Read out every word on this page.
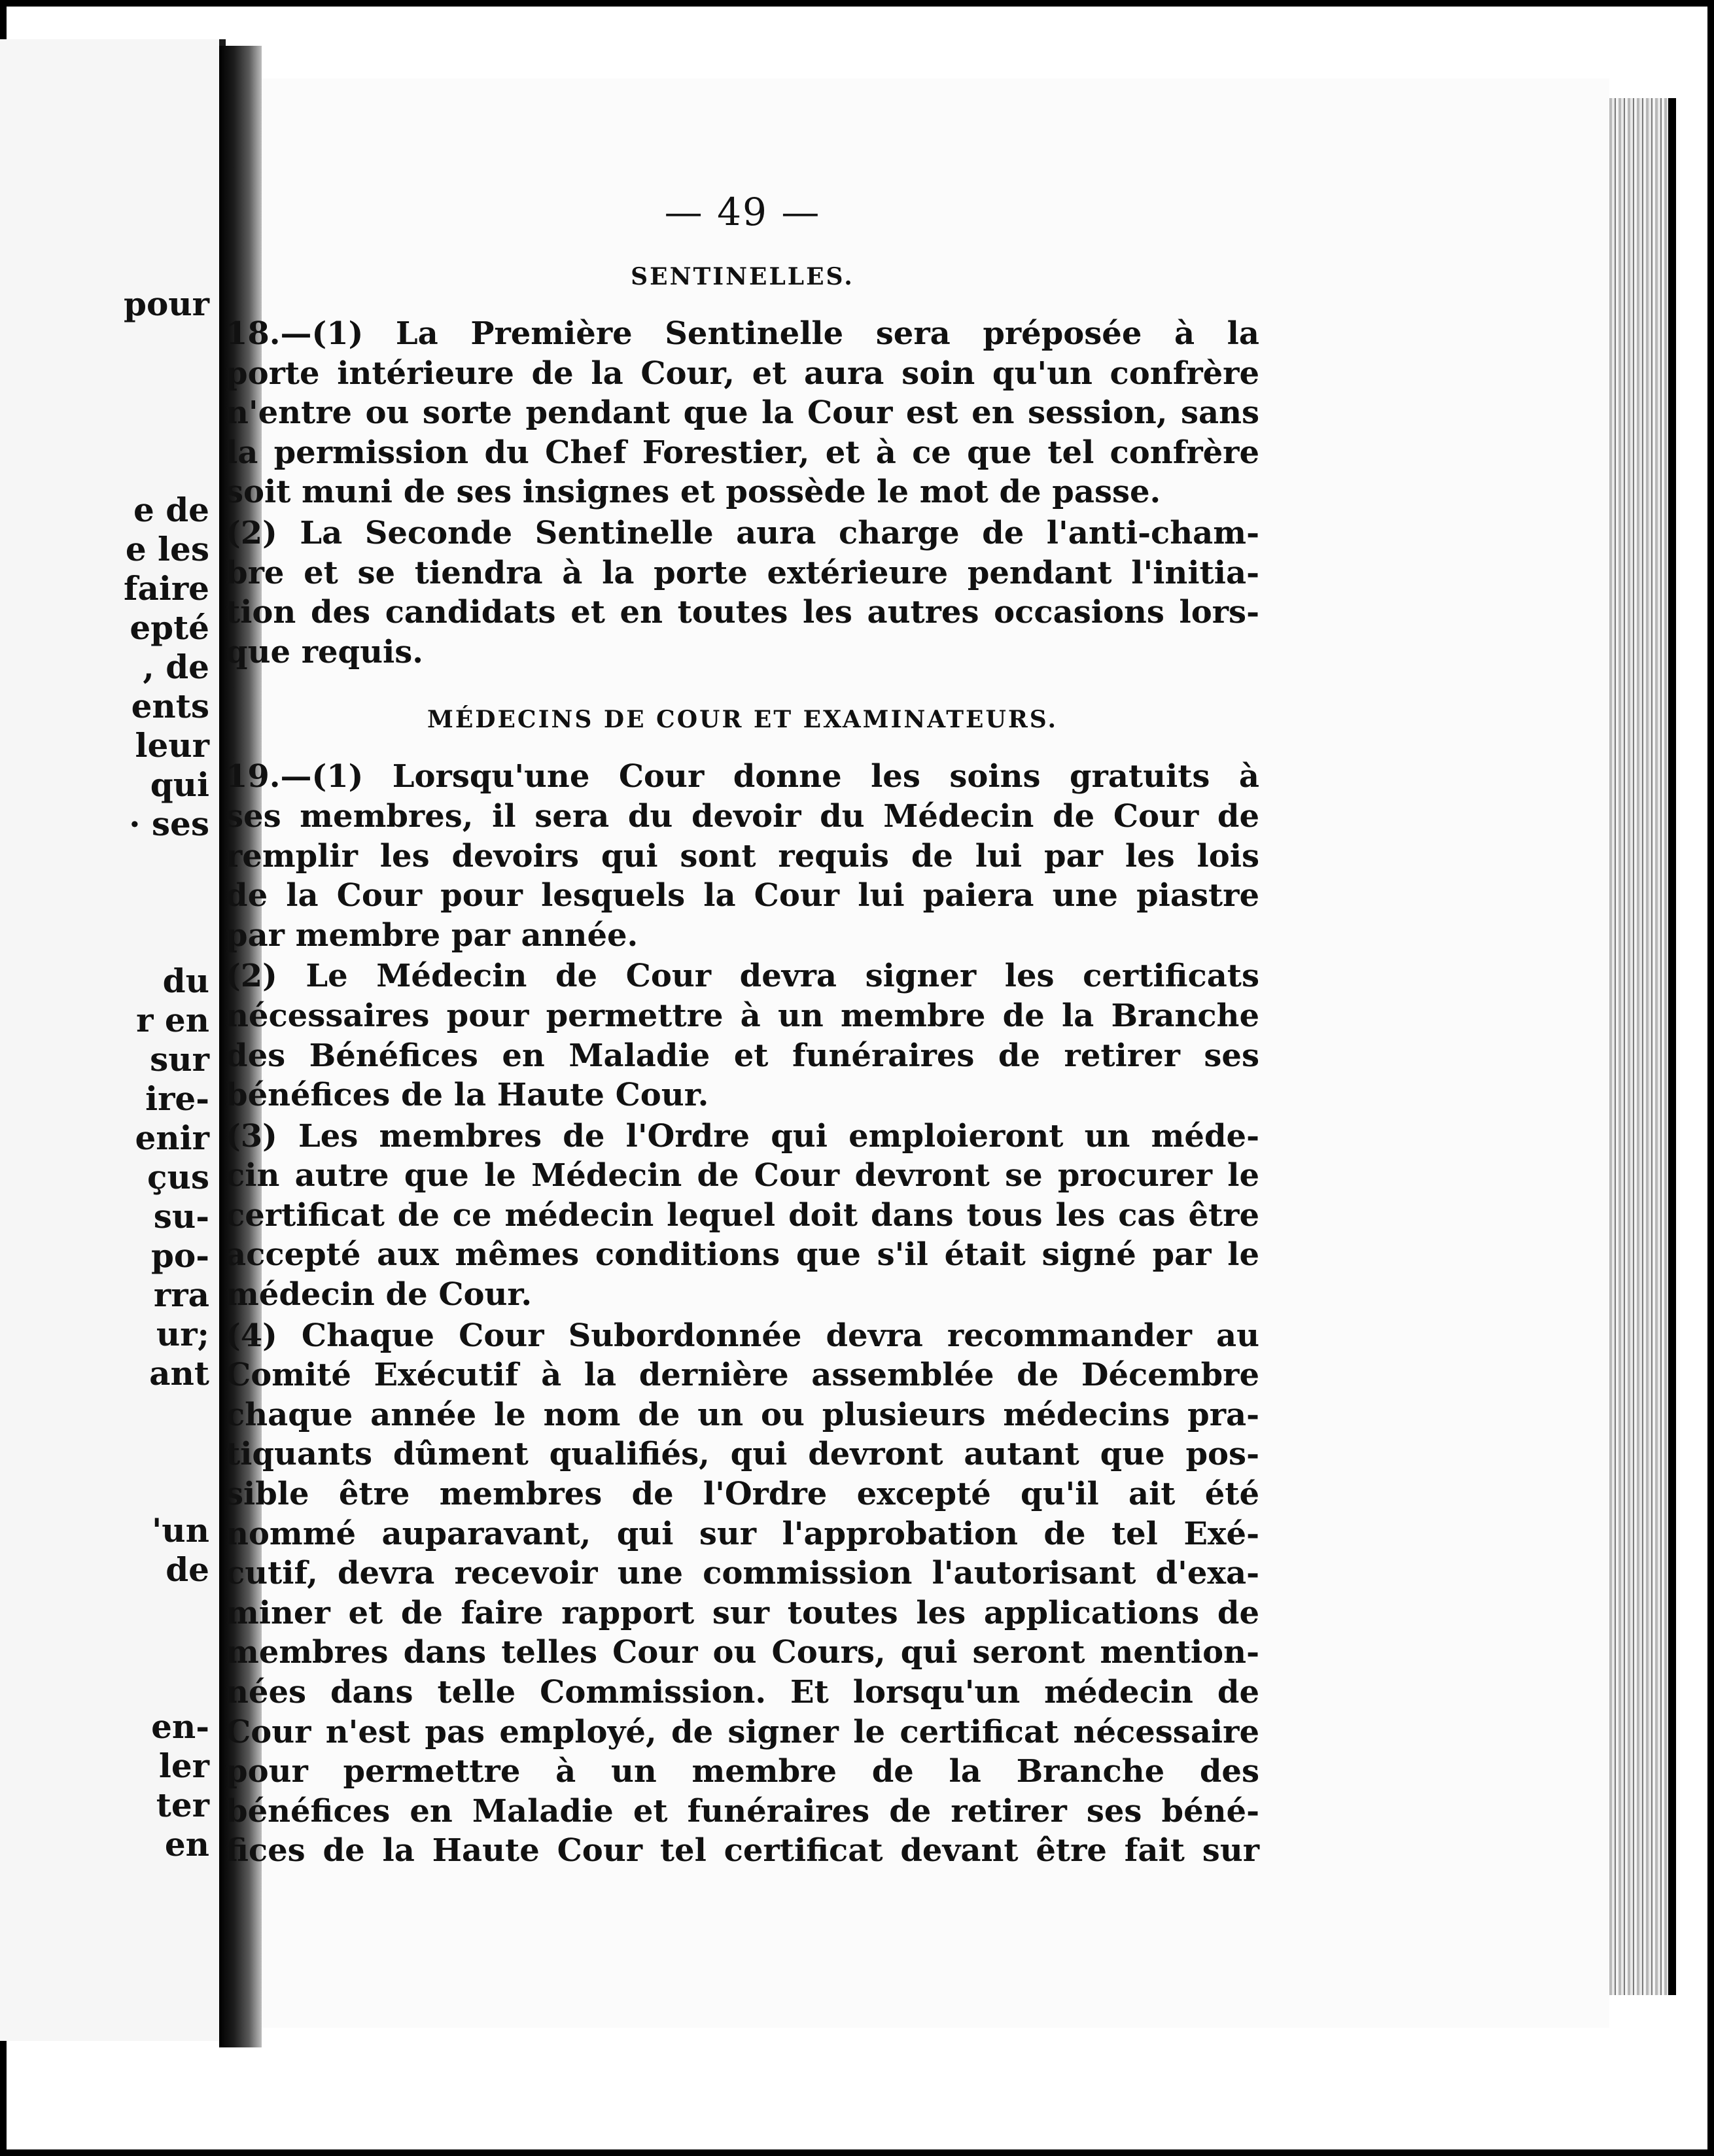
pour

e de

e les

faire

epté

, de

ents

leur

qui

· ses

du

r en

sur

ire-

enir

çus

su-

po-

rra

ur;

ant

'un

de

en-

ler

ter

en

— 49 —

SENTINELLES.

18.—(1) La Première Sentinelle sera préposée à la
porte intérieure de la Cour, et aura soin qu'un confrère
n'entre ou sorte pendant que la Cour est en session, sans
la permission du Chef Forestier, et à ce que tel confrère
soit muni de ses insignes et possède le mot de passe.

(2) La Seconde Sentinelle aura charge de l'anti-cham-
bre et se tiendra à la porte extérieure pendant l'initia-
tion des candidats et en toutes les autres occasions lors-
que requis.

MÉDECINS DE COUR ET EXAMINATEURS.

19.—(1) Lorsqu'une Cour donne les soins gratuits à
ses membres, il sera du devoir du Médecin de Cour de
remplir les devoirs qui sont requis de lui par les lois
de la Cour pour lesquels la Cour lui paiera une piastre
par membre par année.

(2) Le Médecin de Cour devra signer les certificats
nécessaires pour permettre à un membre de la Branche
des Bénéfices en Maladie et funéraires de retirer ses
bénéfices de la Haute Cour.

(3) Les membres de l'Ordre qui emploieront un méde-
cin autre que le Médecin de Cour devront se procurer le
certificat de ce médecin lequel doit dans tous les cas être
accepté aux mêmes conditions que s'il était signé par le
médecin de Cour.

(4) Chaque Cour Subordonnée devra recommander au
Comité Exécutif à la dernière assemblée de Décembre
chaque année le nom de un ou plusieurs médecins pra-
tiquants dûment qualifiés, qui devront autant que pos-
sible être membres de l'Ordre excepté qu'il ait été
nommé auparavant, qui sur l'approbation de tel Exé-
cutif, devra recevoir une commission l'autorisant d'exa-
miner et de faire rapport sur toutes les applications de
membres dans telles Cour ou Cours, qui seront mention-
nées dans telle Commission. Et lorsqu'un médecin de
Cour n'est pas employé, de signer le certificat nécessaire
pour permettre à un membre de la Branche des
bénéfices en Maladie et funéraires de retirer ses béné-
fices de la Haute Cour tel certificat devant être fait sur
